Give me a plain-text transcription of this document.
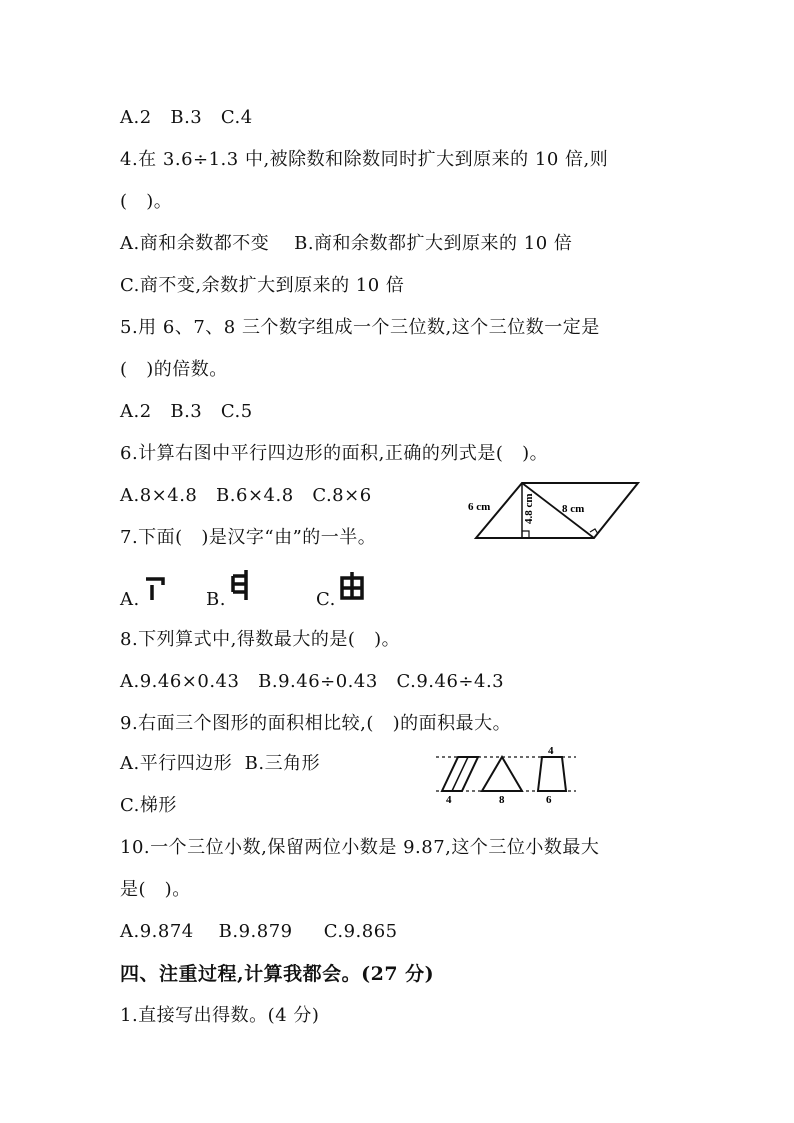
A.2   B.3   C.4
4.在 3.6÷1.3 中,被除数和除数同时扩大到原来的 10 倍,则
(   )。
A.商和余数都不变    B.商和余数都扩大到原来的 10 倍
C.商不变,余数扩大到原来的 10 倍
5.用 6、7、8 三个数字组成一个三位数,这个三位数一定是
(   )的倍数。
A.2   B.3   C.5
6.计算右图中平行四边形的面积,正确的列式是(   )。
A.8×4.8   B.6×4.8   C.8×6
6 cm	4.8 cm 8 cm
7.下面(   )是汉字“由”的一半。
A.	B.	C.
8.下列算式中,得数最大的是(   )。
A.9.46×0.43   B.9.46÷0.43   C.9.46÷4.3
9.右面三个图形的面积相比较,(   )的面积最大。
A.平行四边形  B.三角形
C.梯形	4	8
4
6
10.一个三位小数,保留两位小数是 9.87,这个三位小数最大
是(   )。
A.9.874    B.9.879     C.9.865
四、注重过程,计算我都会。(27 分)
1.直接写出得数。(4 分)
